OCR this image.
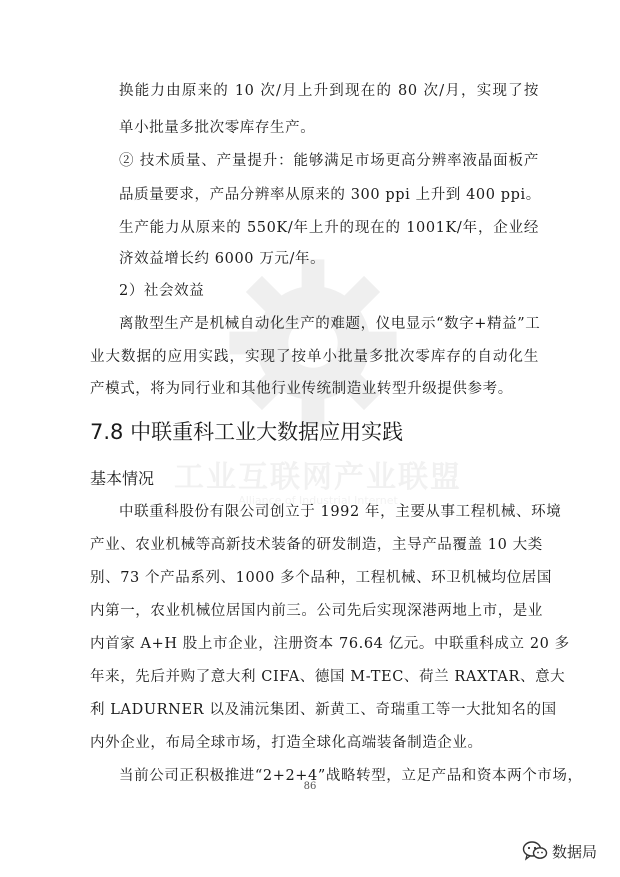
工业互联网产业联盟
Alliance of Industrial Internet
换能力由原来的 10 次/月上升到现在的 80 次/月，实现了按
单小批量多批次零库存生产。
② 技术质量、产量提升：能够满足市场更高分辨率液晶面板产
品质量要求，产品分辨率从原来的 300 ppi 上升到 400 ppi。
生产能力从原来的 550K/年上升的现在的 1001K/年，企业经
济效益增长约 6000 万元/年。
2）社会效益
离散型生产是机械自动化生产的难题，仪电显示“数字+精益”工
业大数据的应用实践，实现了按单小批量多批次零库存的自动化生
产模式，将为同行业和其他行业传统制造业转型升级提供参考。
7.8 中联重科工业大数据应用实践
基本情况
中联重科股份有限公司创立于 1992 年，主要从事工程机械、环境
产业、农业机械等高新技术装备的研发制造，主导产品覆盖 10 大类
别、73 个产品系列、1000 多个品种，工程机械、环卫机械均位居国
内第一，农业机械位居国内前三。公司先后实现深港两地上市，是业
内首家 A+H 股上市企业，注册资本 76.64 亿元。中联重科成立 20 多
年来，先后并购了意大利 CIFA、德国 M-TEC、荷兰 RAXTAR、意大
利 LADURNER 以及浦沅集团、新黄工、奇瑞重工等一大批知名的国
内外企业，布局全球市场，打造全球化高端装备制造企业。
当前公司正积极推进“2+2+4”战略转型，立足产品和资本两个市场，
86
数据局
